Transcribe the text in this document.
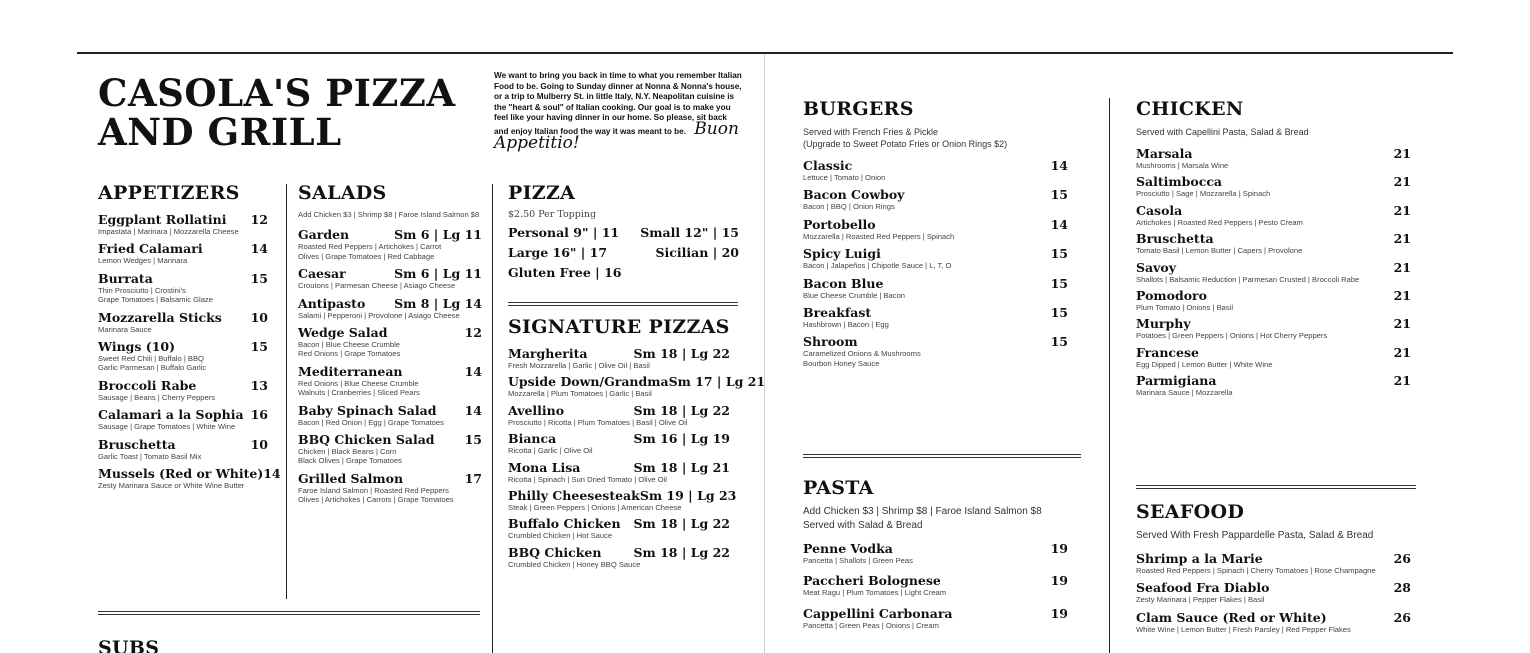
CASOLA'S PIZZA AND GRILL
We want to bring you back in time to what you remember Italian Food to be. Going to Sunday dinner at Nonna & Nonna's house, or a trip to Mulberry St. in little Italy, N.Y. Neapolitan cuisine is the "heart & soul" of Italian cooking. Our goal is to make you feel like your having dinner in our home. So please, sit back and enjoy Italian food the way it was meant to be. Buon Appetitio!
APPETIZERS
Eggplant Rollatini 12
Impastata | Marinara | Mozzarella Cheese
Fried Calamari	14
Lemon Wedges | Marinara
Burrata	15
Thin Prosciutto | Crostini's
Grape Tomatoes | Balsamic Glaze
Mozzarella Sticks 10
Marinara Sauce
Wings (10)	15
Sweet Red Chili | Buffalo | BBQ
Garlic Parmesan | Buffalo Garlic
Broccoli Rabe	13
Sausage | Beans | Cherry Peppers
Calamari a la Sophia 16
Sausage | Grape Tomatoes | White Wine
Bruschetta	10
Garlic Toast | Tomato Basil Mix
Mussels (Red or White) 14
Zesty Marinara Sauce or White Wine Butter
SUBS
SALADS
Add Chicken $3 | Shrimp $8 | Faroe Island Salmon $8
Garden	Sm 6 | Lg 11
Roasted Red Peppers | Artichokes | Carrot
Olives | Grape Tomatoes | Red Cabbage
Caesar	Sm 6 | Lg 11
Croutons | Parmesan Cheese | Asiago Cheese
Antipasto Sm 8 | Lg 14
Salami | Pepperoni | Provolone | Asiago Cheese
Wedge Salad	12
Bacon | Blue Cheese Crumble
Red Onions | Grape Tomatoes
Mediterranean	14
Red Onions | Blue Cheese Crumble
Walnuts | Cranberries | Sliced Pears
Baby Spinach Salad 14
Bacon | Red Onion | Egg | Grape Tomatoes
BBQ Chicken Salad 15
Chicken | Black Beans | Corn
Black Olives | Grape Tomatoes
Grilled Salmon	17
Faroe Island Salmon | Roasted Red Peppers
Olives | Artichokes | Carrots | Grape Tomatoes
PIZZA
$2.50 Per Topping
Personal 9" | 11 Small 12" | 15
Large 16" | 17	Sicilian | 20
Gluten Free | 16
SIGNATURE PIZZAS
Margherita	Sm 18 | Lg 22
Fresh Mozzarella | Garlic | Olive Oil | Basil
Upside Down/Grandma Sm 17 | Lg 21
Mozzarella | Plum Tomatoes | Garlic | Basil
Avellino	Sm 18 | Lg 22
Prosciutto | Ricotta | Plum Tomatoes | Basil | Olive Oil
Bianca	Sm 16 | Lg 19
Ricotta | Garlic | Olive Oil
Mona Lisa	Sm 18 | Lg 21
Ricotta | Spinach | Sun Dried Tomato | Olive Oil
Philly Cheesesteak Sm 19 | Lg 23
Steak | Green Peppers | Onions | American Cheese
Buffalo Chicken Sm 18 | Lg 22
Crumbled Chicken | Hot Sauce
BBQ Chicken	Sm 18 | Lg 22
Crumbled Chicken | Honey BBQ Sauce
BURGERS
Served with French Fries & Pickle
(Upgrade to Sweet Potato Fries or Onion Rings $2)
Classic	14
Lettuce | Tomato | Onion
Bacon Cowboy	15
Bacon | BBQ | Onion Rings
Portobello	14
Mozzarella | Roasted Red Peppers | Spinach
Spicy Luigi	15
Bacon | Jalapeños | Chipotle Sauce | L, T, O
Bacon Blue	15
Blue Cheese Crumble | Bacon
Breakfast	15
Hashbrown | Bacon | Egg
Shroom	15
Caramelized Onions & Mushrooms
Bourbon Honey Sauce
PASTA
Add Chicken $3 | Shrimp $8 | Faroe Island Salmon $8
Served with Salad & Bread
Penne Vodka	19
Pancetta | Shallots | Green Peas
Paccheri Bolognese	19
Meat Ragu | Plum Tomatoes | Light Cream
Cappellini Carbonara	19
Pancetta | Green Peas | Onions | Cream
CHICKEN
Served with Capellini Pasta, Salad & Bread
Marsala	21
Mushrooms | Marsala Wine
Saltimbocca	21
Prosciutto | Sage | Mozzarella | Spinach
Casola	21
Artichokes | Roasted Red Peppers | Pesto Cream
Bruschetta	21
Tomato Basil | Lemon Butter | Capers | Provolone
Savoy	21
Shallots | Balsamic Reduction | Parmesan Crusted | Broccoli Rabe
Pomodoro	21
Plum Tomato | Onions | Basil
Murphy	21
Potatoes | Green Peppers | Onions | Hot Cherry Peppers
Francese	21
Egg Dipped | Lemon Butter | White Wine
Parmigiana	21
Marinara Sauce | Mozzarella
SEAFOOD
Served With Fresh Pappardelle Pasta, Salad & Bread
Shrimp a la Marie	26
Roasted Red Peppers | Spinach | Cherry Tomatoes | Rose Champagne
Seafood Fra Diablo	28
Zesty Marinara | Pepper Flakes | Basil
Clam Sauce (Red or White)	26
White Wine | Lemon Butter | Fresh Parsley | Red Pepper Flakes
